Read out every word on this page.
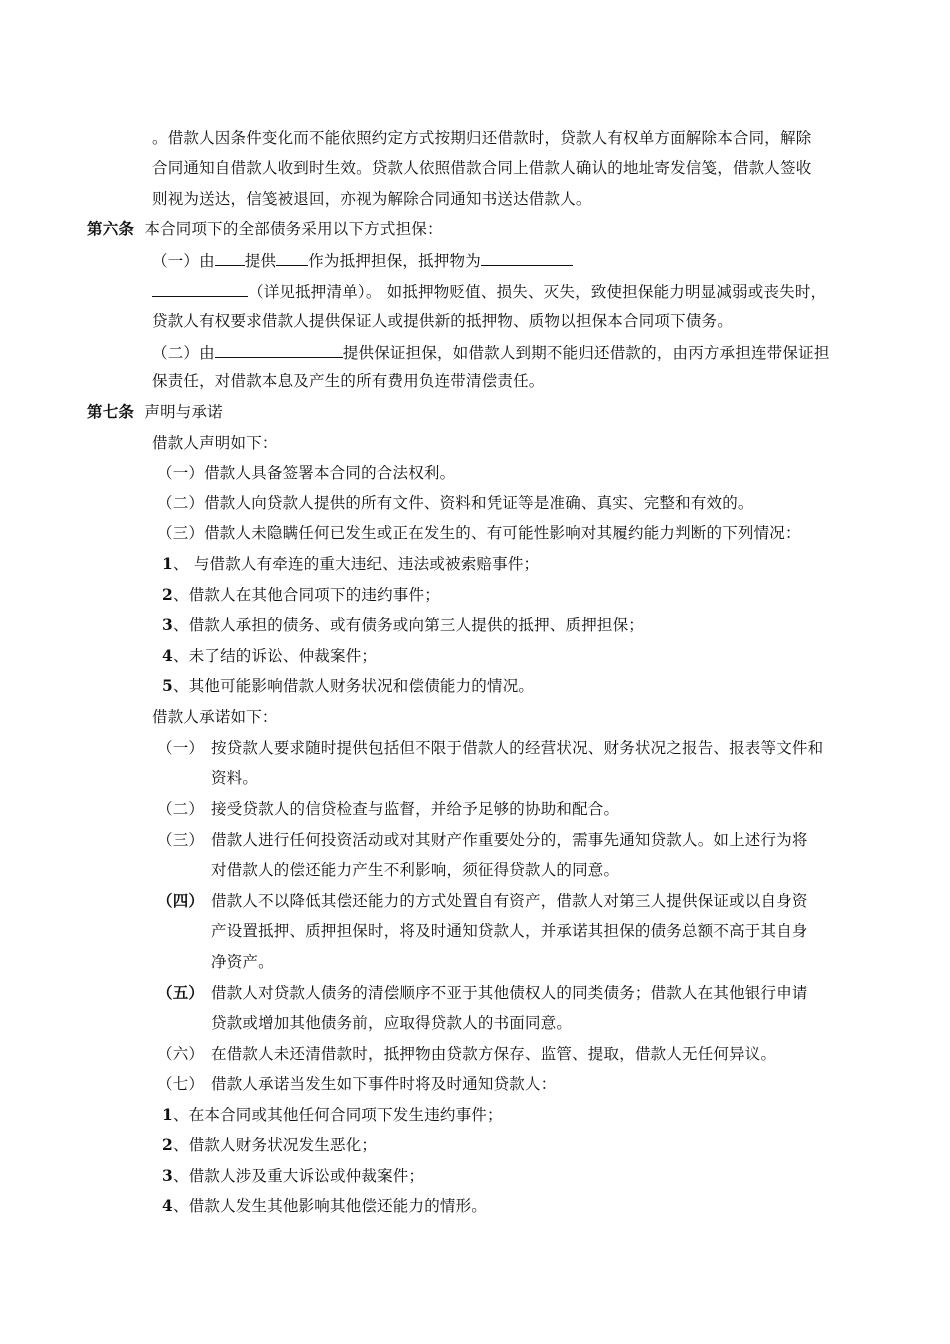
。借款人因条件变化而不能依照约定方式按期归还借款时，贷款人有权单方面解除本合同，解除
合同通知自借款人收到时生效。贷款人依照借款合同上借款人确认的地址寄发信笺，借款人签收
则视为送达，信笺被退回，亦视为解除合同通知书送达借款人。
第六条 本合同项下的全部债务采用以下方式担保：
（一）由 提供 作为抵押担保，抵押物为
（详见抵押清单）。 如抵押物贬值、损失、灭失，致使担保能力明显减弱或丧失时，
贷款人有权要求借款人提供保证人或提供新的抵押物、质物以担保本合同项下债务。
（二）由	提供保证担保，如借款人到期不能归还借款的，由丙方承担连带保证担
保责任，对借款本息及产生的所有费用负连带清偿责任。
第七条 声明与承诺
借款人声明如下：
（一）借款人具备签署本合同的合法权利。
（二）借款人向贷款人提供的所有文件、资料和凭证等是准确、真实、完整和有效的。
（三）借款人未隐瞒任何已发生或正在发生的、有可能性影响对其履约能力判断的下列情况：
1、 与借款人有牵连的重大违纪、违法或被索赔事件；
2、借款人在其他合同项下的违约事件；
3、借款人承担的债务、或有债务或向第三人提供的抵押、质押担保；
4、未了结的诉讼、仲裁案件；
5、其他可能影响借款人财务状况和偿债能力的情况。
借款人承诺如下：
（一） 按贷款人要求随时提供包括但不限于借款人的经营状况、财务状况之报告、报表等文件和
资料。
（二） 接受贷款人的信贷检查与监督，并给予足够的协助和配合。
（三） 借款人进行任何投资活动或对其财产作重要处分的，需事先通知贷款人。如上述行为将
对借款人的偿还能力产生不利影响，须征得贷款人的同意。
（四） 借款人不以降低其偿还能力的方式处置自有资产，借款人对第三人提供保证或以自身资
产设置抵押、质押担保时，将及时通知贷款人，并承诺其担保的债务总额不高于其自身
净资产。
（五） 借款人对贷款人债务的清偿顺序不亚于其他债权人的同类债务；借款人在其他银行申请
贷款或增加其他债务前，应取得贷款人的书面同意。
（六） 在借款人未还清借款时，抵押物由贷款方保存、监管、提取，借款人无任何异议。
（七） 借款人承诺当发生如下事件时将及时通知贷款人：
1、在本合同或其他任何合同项下发生违约事件；
2、借款人财务状况发生恶化；
3、借款人涉及重大诉讼或仲裁案件；
4、借款人发生其他影响其他偿还能力的情形。
